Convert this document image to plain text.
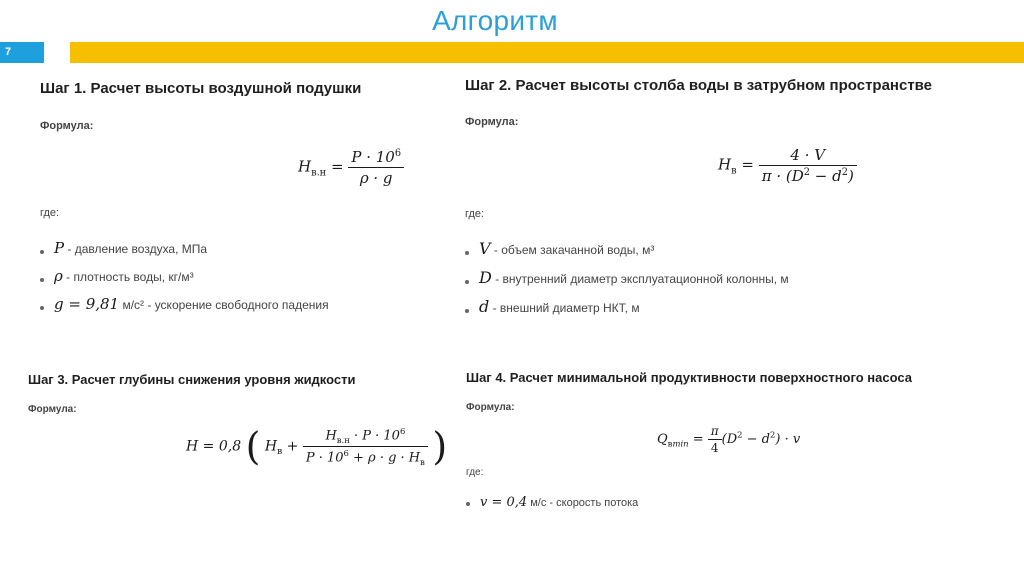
Алгоритм
7
Шаг 1. Расчет высоты воздушной подушки
Формула:
$H_{в.н} = \frac{P \cdot 10^6}{\rho \cdot g}$
где:
P - давление воздуха, МПа
ρ - плотность воды, кг/м³
g = 9,81 м/с² - ускорение свободного падения
Шаг 2. Расчет высоты столба воды в затрубном пространстве
Формула:
$H_в = \frac{4 \cdot V}{\pi \cdot (D^2 - d^2)}$
где:
V - объем закачанной воды, м³
D - внутренний диаметр эксплуатационной колонны, м
d - внешний диаметр НКТ, м
Шаг 3. Расчет глубины снижения уровня жидкости
Формула:
H = 0,8 ( $H_в + \frac{H_{в.н} \cdot P \cdot 10^6}{P \cdot 10^6 + \rho \cdot g \cdot H_в}$ )
Шаг 4. Расчет минимальной продуктивности поверхностного насоса
Формула:
$Q_{вmin} = \frac{\pi}{4} (D^2 - d^2) \cdot v$
где:
v = 0,4 м/с - скорость потока
